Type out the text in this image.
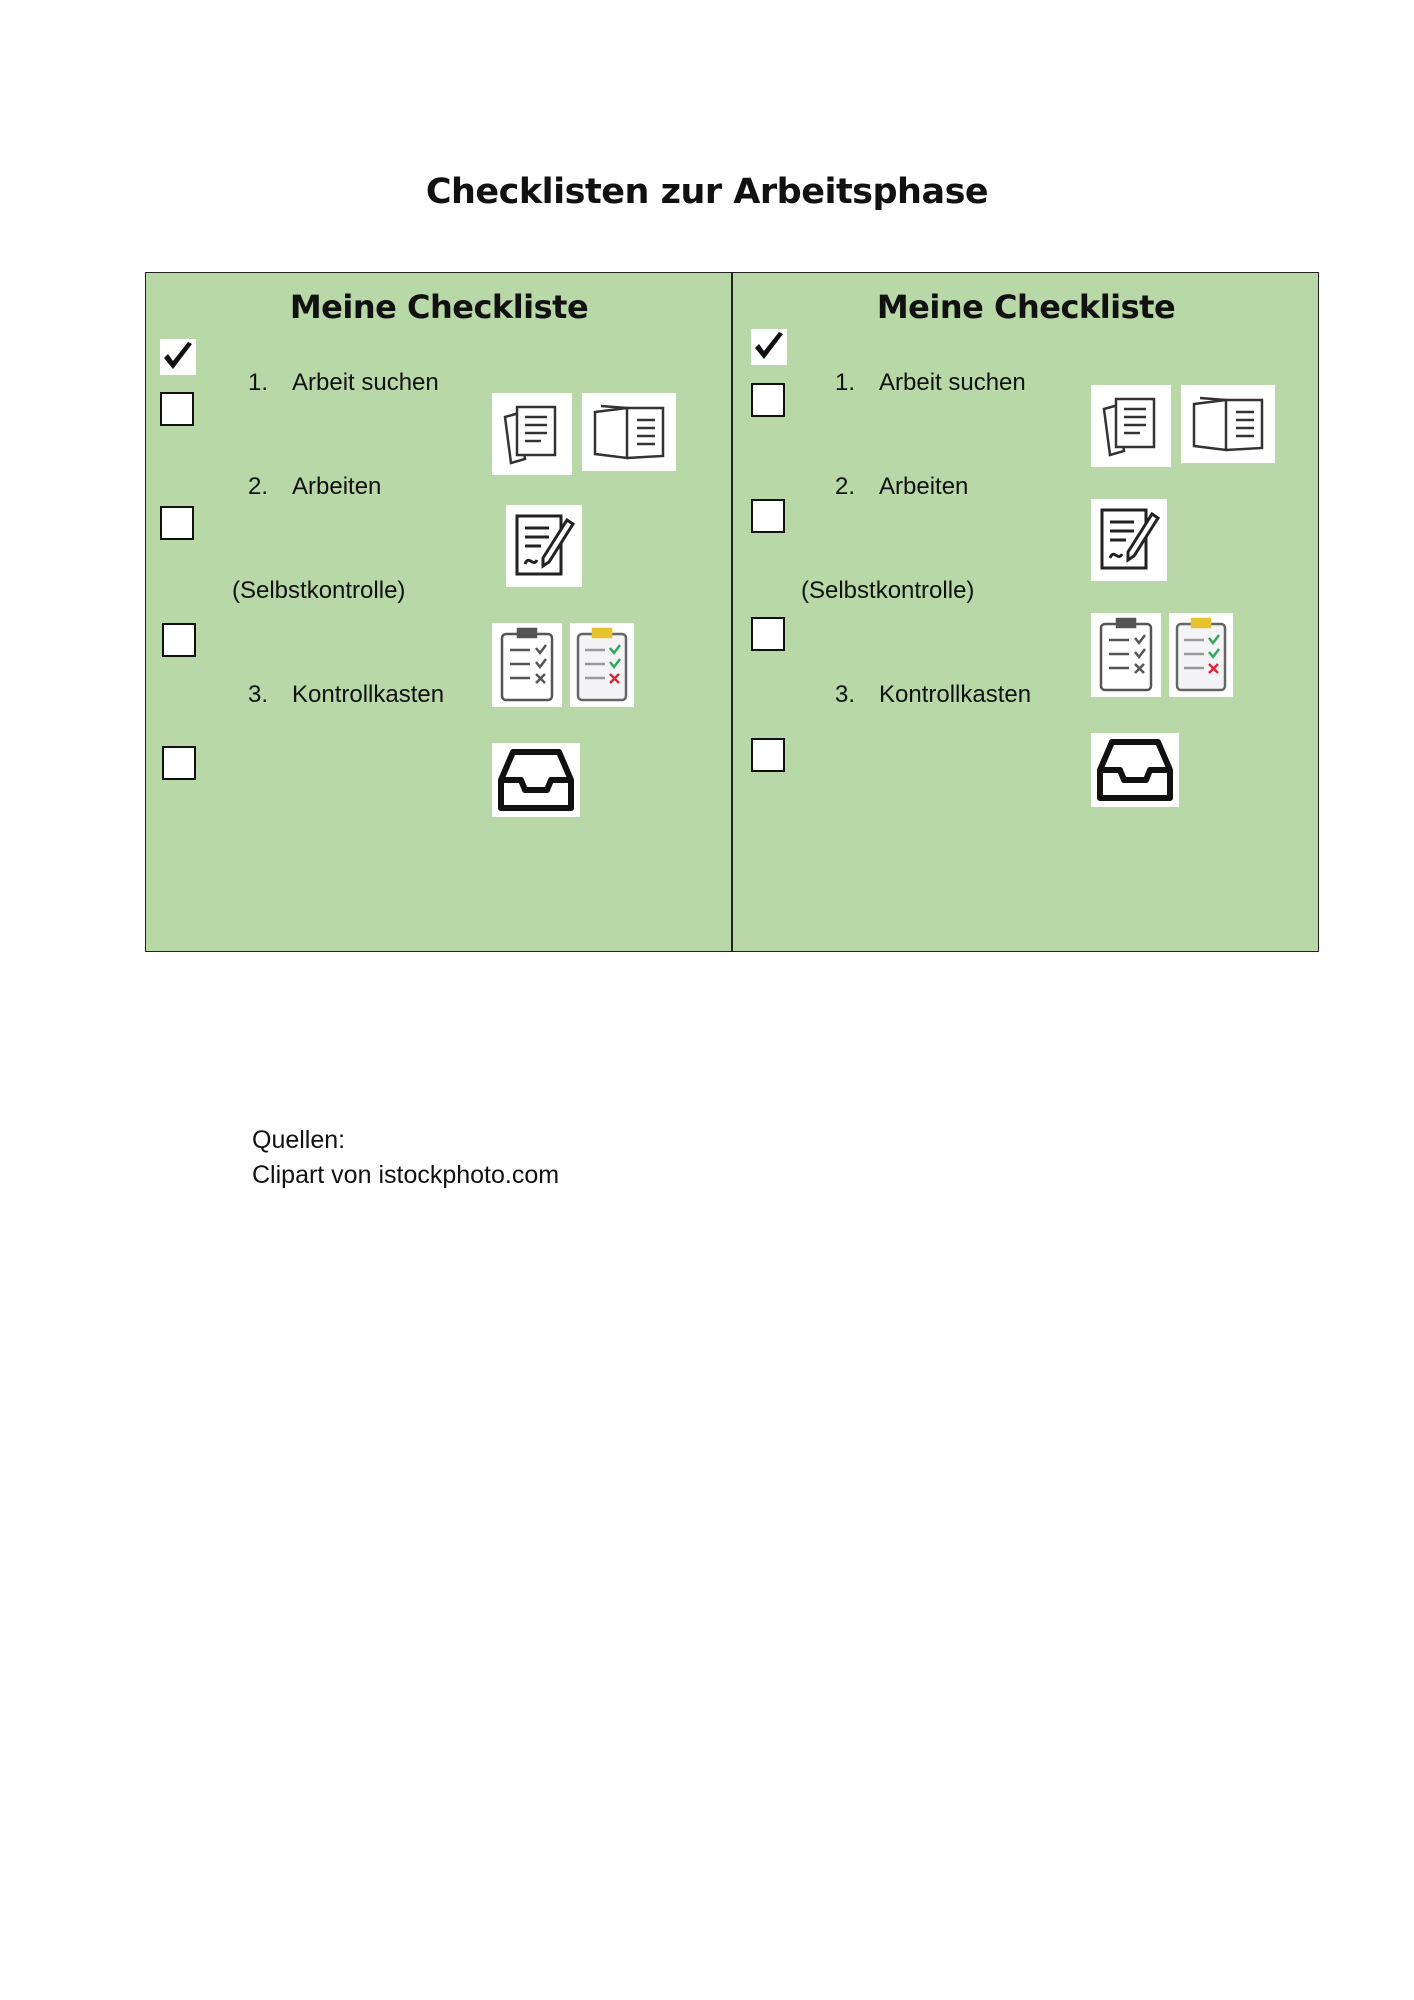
Checklisten zur Arbeitsphase
Meine Checkliste
1. Arbeit suchen
2. Arbeiten
(Selbstkontrolle)
3. Kontrollkasten
Meine Checkliste
1. Arbeit suchen
2. Arbeiten
(Selbstkontrolle)
3. Kontrollkasten
Quellen:
Clipart von istockphoto.com
